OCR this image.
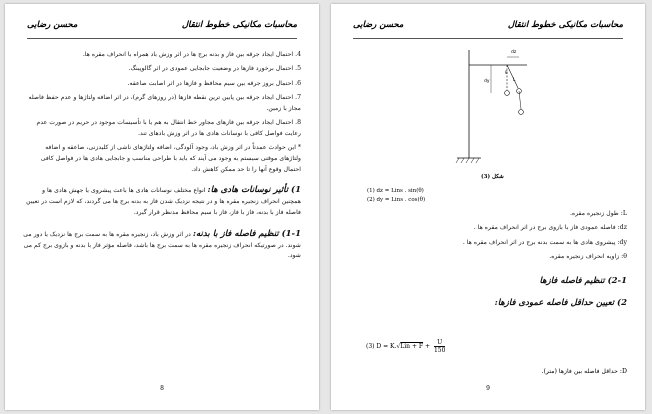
محاسبات مکانیکی خطوط انتقال
محسن رضایی

4. احتمال ایجاد جرقه بین فاز و بدنه برج ها در اثر وزش باد همراه با انحراف مقره ها.

5. احتمال برخورد فازها در وضعیت جابجایی عمودی در اثر گالوپینگ.

6. احتمال بروز جرقه بین سیم محافظ و فازها در اثر اصابت صاعقه.

7. احتمال ایجاد جرقه بین پایین ترین نقطه فازها (در روزهای گرم)، در اثر اضافه ولتاژها و عدم حفظ فاصله مجاز با زمین.

8. احتمال ایجاد جرقه بین فازهای مجاور خط انتقال به هم یا با تأسیسات موجود در حریم در صورت عدم رعایت فواصل کافی با نوسانات هادی ها در اثر وزش بادهای تند.

* این حوادث عمدتاً در اثر وزش باد، وجود آلودگی، اضافه ولتاژهای ناشی از کلیدزنی، صاعقه و اضافه ولتاژهای موقتی سیستم به وجود می آیند که باید با طراحی مناسب و جابجایی هادی ها در فواصل کافی احتمال وقوع آنها را تا حد ممکن کاهش داد.

1) تأثیر نوسانات هادی ها: انواع مختلف نوسانات هادی ها باعث پیشروی یا جهش هادی ها و همچنین انحراف زنجیره مقره ها و در نتیجه نزدیک شدن فاز به بدنه برج ها می گردند، که لازم است در تعیین فاصله فاز با بدنه، فاز با فاز، فاز با سیم محافظ مدنظر قرار گیرد.

1-1) تنظیم فاصله فاز با بدنه: در اثر وزش باد، زنجیره مقره ها به سمت برج ها نزدیک یا دور می شوند. در صورتیکه انحراف زنجیره مقره ها به سمت برج ها باشد، فاصله مؤثر فاز با بدنه و بازوی برج کم می شود.

8
محاسبات مکانیکی خطوط انتقال
محسن رضایی
dz
dy	L
θ
شکل (3)
(1) dz = Lins . sin(θ)
(2) dy = Lins . cos(θ)

L: طول زنجیره مقره.

dz: فاصله عمودی فاز با بازوی برج در اثر انحراف مقره ها .

dy: پیشروی هادی ها به سمت بدنه برج در اثر انحراف مقره ها .

θ: زاویه انحراف زنجیره مقره.

2-1) تنظیم فاصله فازها

2) تعیین حداقل فاصله عمودی فازها:

(3) $D = K.√Lin + F + \frac{U}{150}$
D: حداقل فاصله بین فازها (متر).
9
